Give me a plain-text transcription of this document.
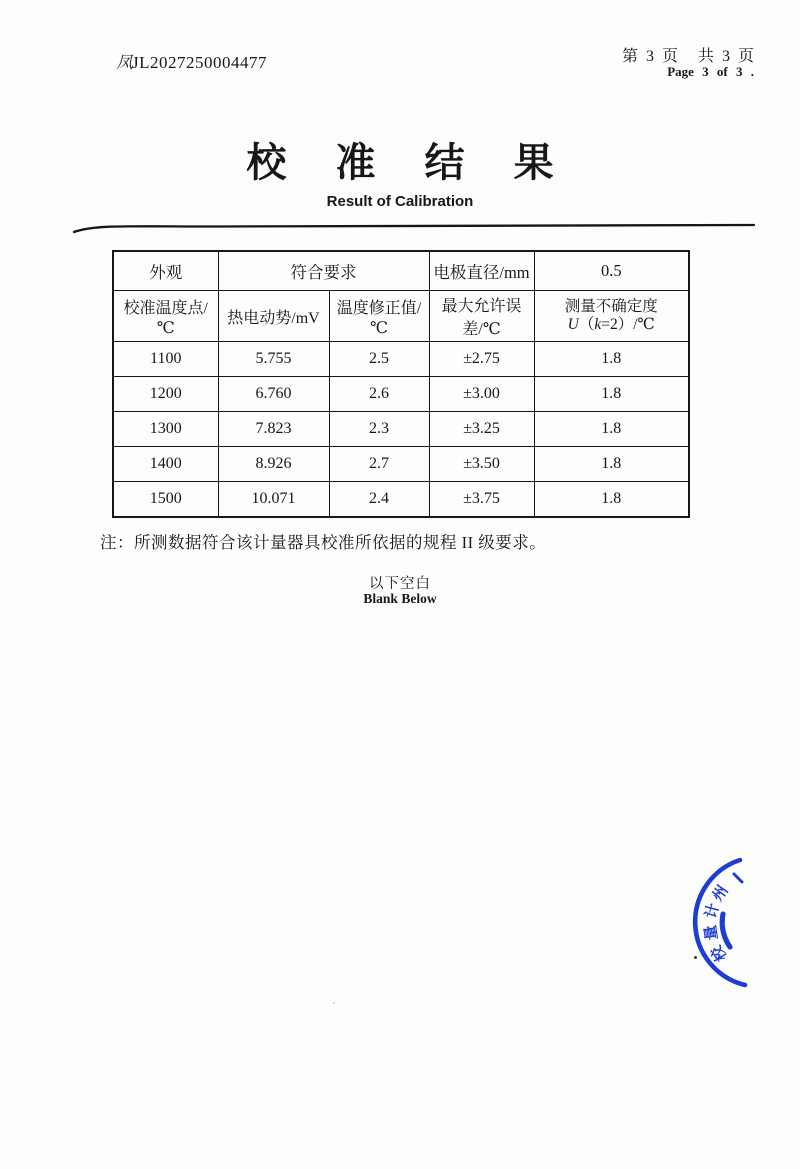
凤JL2027250004477	第 3 页　共 3 页
Page 3 of 3 .
校 准 结 果
Result of Calibration
外观	符合要求		电极直径/mm	0.5
校准温度点/℃	热电动势/mV	温度修正值/℃	最大允许误差/℃	测量不确定度
U（k=2）/℃

1100	5.755	2.5	±2.75	1.8
1200	6.760	2.6	±3.00	1.8
1300	7.823	2.3	±3.25	1.8
1400	8.926	2.7	±3.50	1.8
1500	10.071	2.4	±3.75	1.8
注：所测数据符合该计量器具校准所依据的规程 II 级要求。
以下空白
Blank Below
州
计
量
校
